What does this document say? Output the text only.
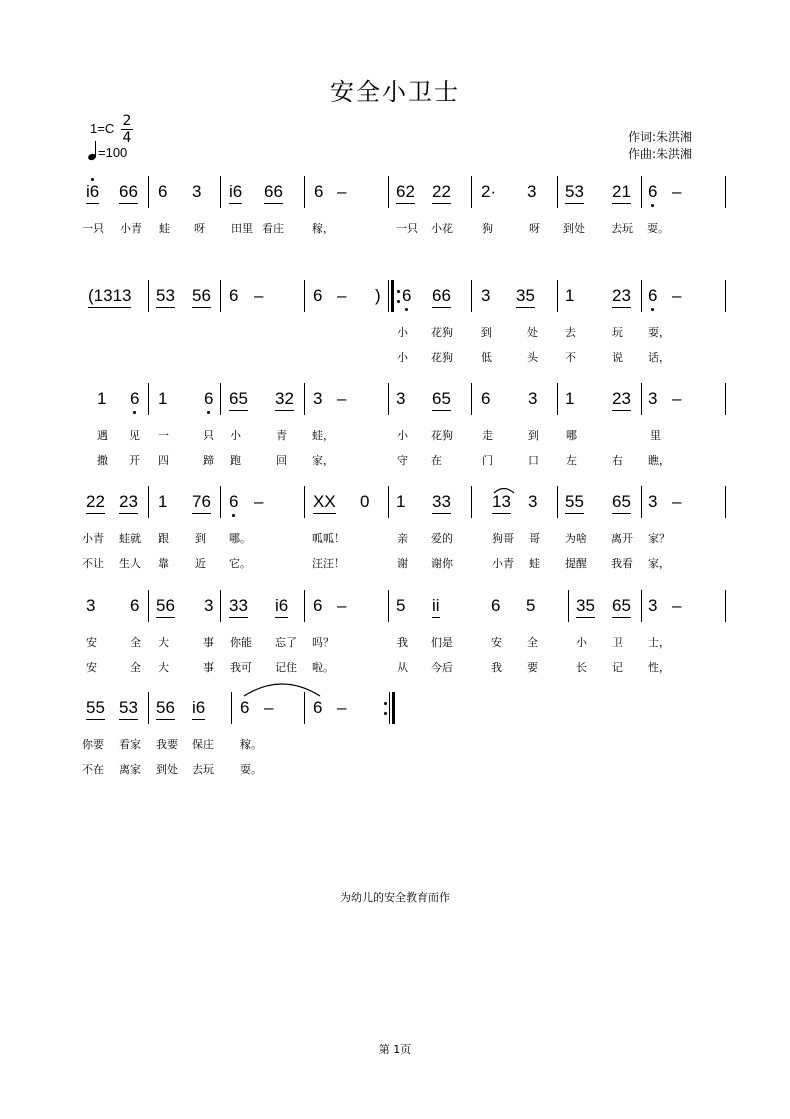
安全小卫士
1=C 2
4
=100
作词:朱洪湘
作曲:朱洪湘
i6 66 6 3 i6 66 6 –	62 22 2· 3 53 21 6 –
一只 小青 蛙 呀 田里 看庄	稼，	一只 小花	狗	呀 到处 去玩 耍。
(1313 53 56 6 –	6 – ) 6 66 3 35 1 23 6 –
小 花狗	到	处 去	玩 耍，
小 花狗	低	头 不	说 话，
1 6 1 6 65 32 3 –	3 65 6 3 1 23 3 –
遇 见 一	只 小	青 蛙，	小 花狗	走	到 哪	里
撒 开 四	蹄 跑	回 家，	守 在	门	口 左	右 瞧，
22 23 1 76 6 –	XX 0 1 33 13 3 55 65 3 –
小青 蛙就 跟 到 哪。	呱呱！	亲 爱的	狗哥 哥 为啥 离开 家？
不让 生人 靠 近 它。	汪汪！	谢 谢你	小青 蛙 提醒 我看 家，
3 6 56 3 33 i6 6 –	5 ii	6 5 35 65 3 –
安	全 大	事 你能 忘了 吗？	我 们是	安 全	小 卫 士，
安	全 大	事 我可 记住 啦。	从 今后	我 要	长 记 性，
55 53 56 i6 6 – 6 –
你要 看家 我要 保庄 稼。
不在 离家 到处 去玩 耍。
为幼儿的安全教育而作
第 1页
